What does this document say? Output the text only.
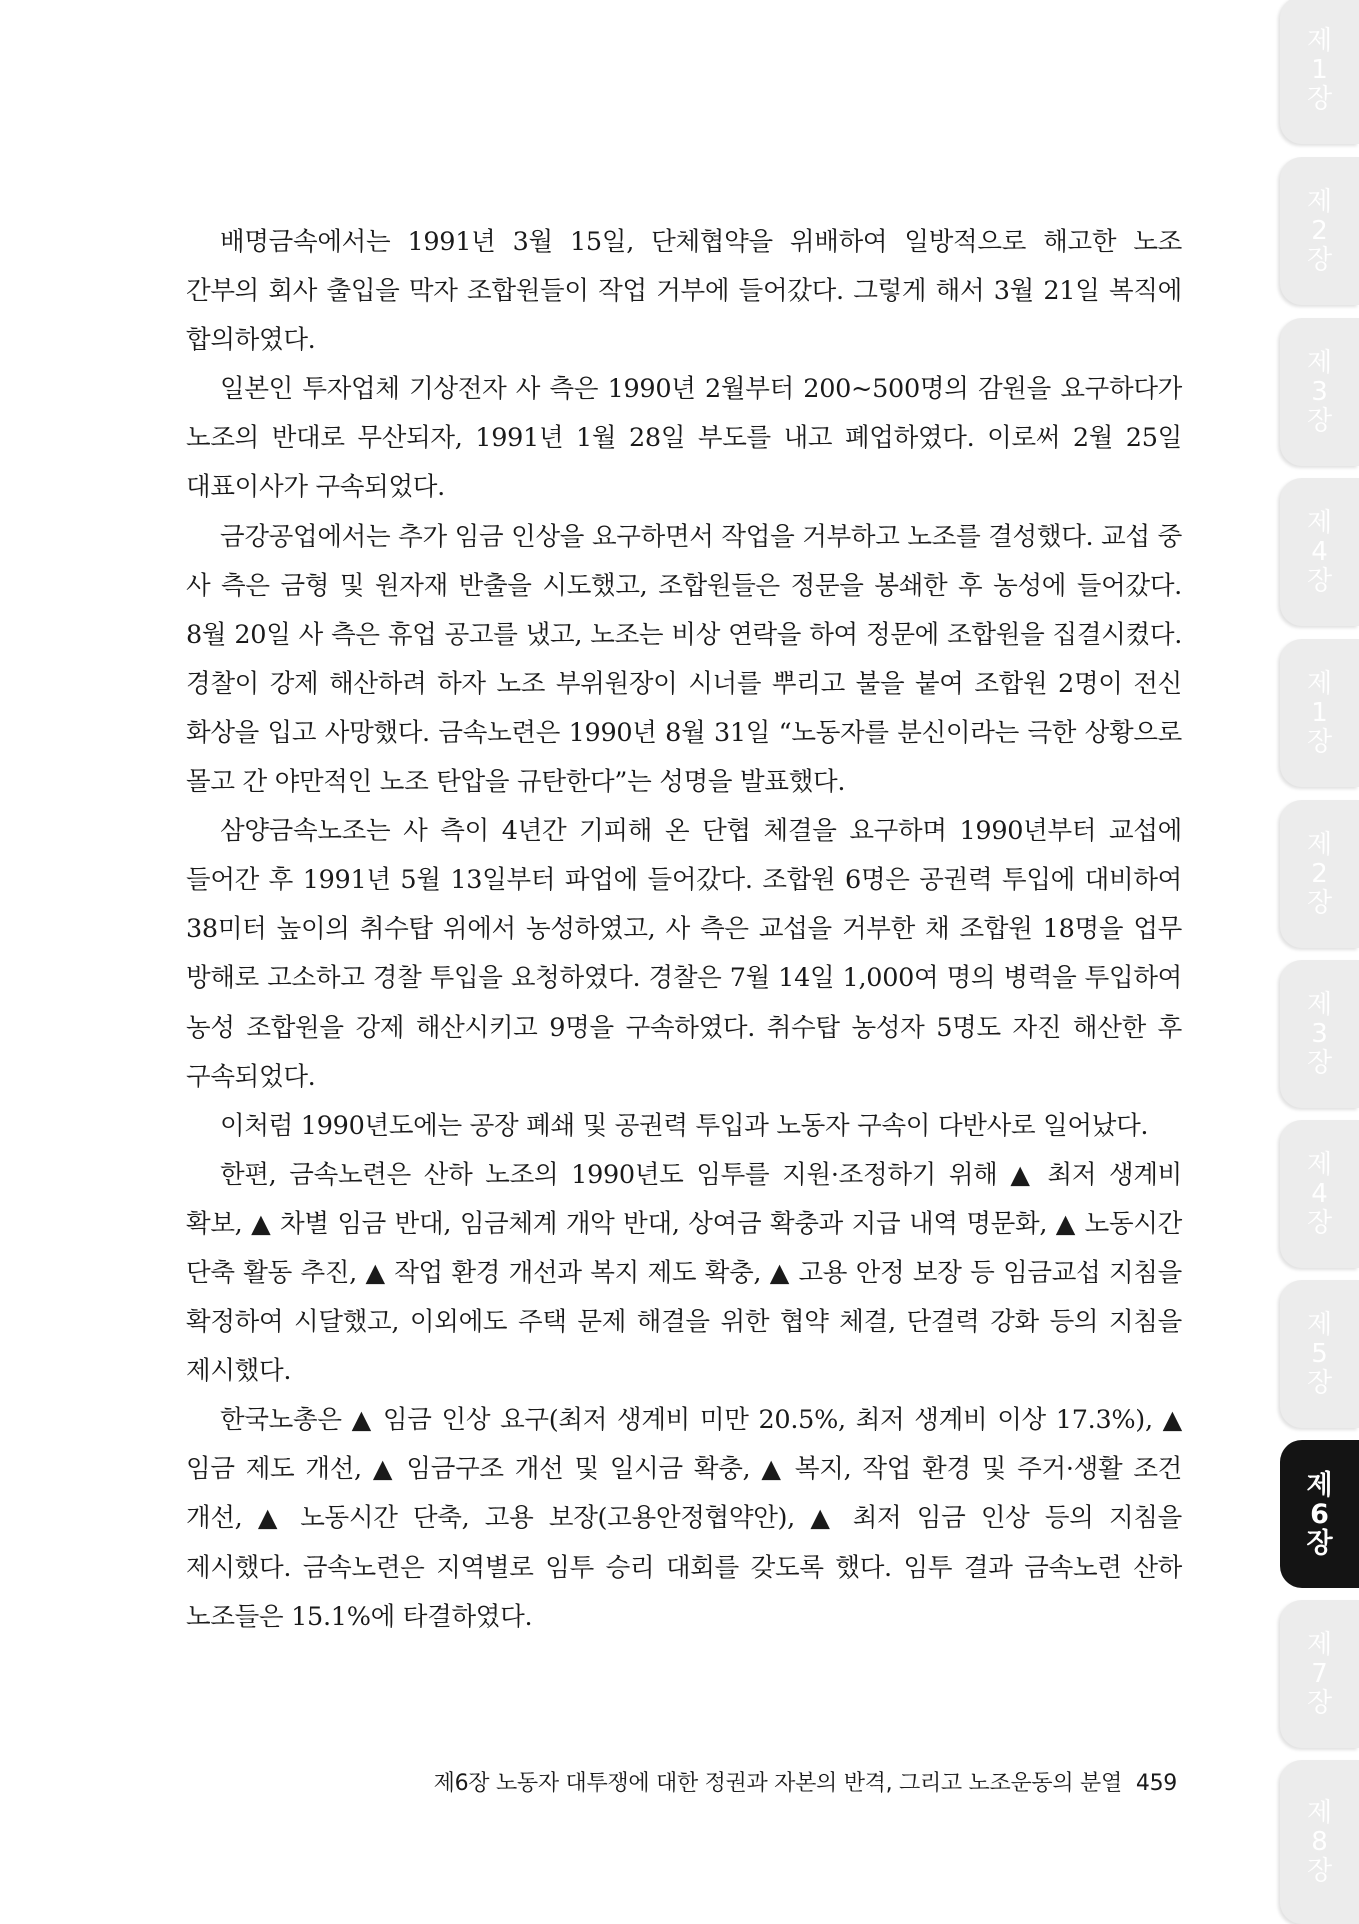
배명금속에서는 1991년 3월 15일, 단체협약을 위배하여 일방적으로 해고한 노조 간부의 회사 출입을 막자 조합원들이 작업 거부에 들어갔다. 그렇게 해서 3월 21일 복직에 합의하였다.

일본인 투자업체 기상전자 사 측은 1990년 2월부터 200~500명의 감원을 요구하다가 노조의 반대로 무산되자, 1991년 1월 28일 부도를 내고 폐업하였다. 이로써 2월 25일 대표이사가 구속되었다.

금강공업에서는 추가 임금 인상을 요구하면서 작업을 거부하고 노조를 결성했다. 교섭 중 사 측은 금형 및 원자재 반출을 시도했고, 조합원들은 정문을 봉쇄한 후 농성에 들어갔다. 8월 20일 사 측은 휴업 공고를 냈고, 노조는 비상 연락을 하여 정문에 조합원을 집결시켰다. 경찰이 강제 해산하려 하자 노조 부위원장이 시너를 뿌리고 불을 붙여 조합원 2명이 전신 화상을 입고 사망했다. 금속노련은 1990년 8월 31일 “노동자를 분신이라는 극한 상황으로 몰고 간 야만적인 노조 탄압을 규탄한다”는 성명을 발표했다.

삼양금속노조는 사 측이 4년간 기피해 온 단협 체결을 요구하며 1990년부터 교섭에 들어간 후 1991년 5월 13일부터 파업에 들어갔다. 조합원 6명은 공권력 투입에 대비하여 38미터 높이의 취수탑 위에서 농성하였고, 사 측은 교섭을 거부한 채 조합원 18명을 업무 방해로 고소하고 경찰 투입을 요청하였다. 경찰은 7월 14일 1,000여 명의 병력을 투입하여 농성 조합원을 강제 해산시키고 9명을 구속하였다. 취수탑 농성자 5명도 자진 해산한 후 구속되었다.

이처럼 1990년도에는 공장 폐쇄 및 공권력 투입과 노동자 구속이 다반사로 일어났다.

한편, 금속노련은 산하 노조의 1990년도 임투를 지원·조정하기 위해 ▲ 최저 생계비 확보, ▲ 차별 임금 반대, 임금체계 개악 반대, 상여금 확충과 지급 내역 명문화, ▲ 노동시간 단축 활동 추진, ▲ 작업 환경 개선과 복지 제도 확충, ▲ 고용 안정 보장 등 임금교섭 지침을 확정하여 시달했고, 이외에도 주택 문제 해결을 위한 협약 체결, 단결력 강화 등의 지침을 제시했다.

한국노총은 ▲ 임금 인상 요구(최저 생계비 미만 20.5%, 최저 생계비 이상 17.3%), ▲ 임금 제도 개선, ▲ 임금구조 개선 및 일시금 확충, ▲ 복지, 작업 환경 및 주거·생활 조건 개선, ▲ 노동시간 단축, 고용 보장(고용안정협약안), ▲ 최저 임금 인상 등의 지침을 제시했다. 금속노련은 지역별로 임투 승리 대회를 갖도록 했다. 임투 결과 금속노련 산하 노조들은 15.1%에 타결하였다.

제6장 노동자 대투쟁에 대한 정권과 자본의 반격, 그리고 노조운동의 분열 459
제
1
장
제
2
장
제
3
장
제
4
장
제
1
장
제
2
장
제
3
장
제
4
장
제
5
장
제
6
장
제
7
장
제
8
장
